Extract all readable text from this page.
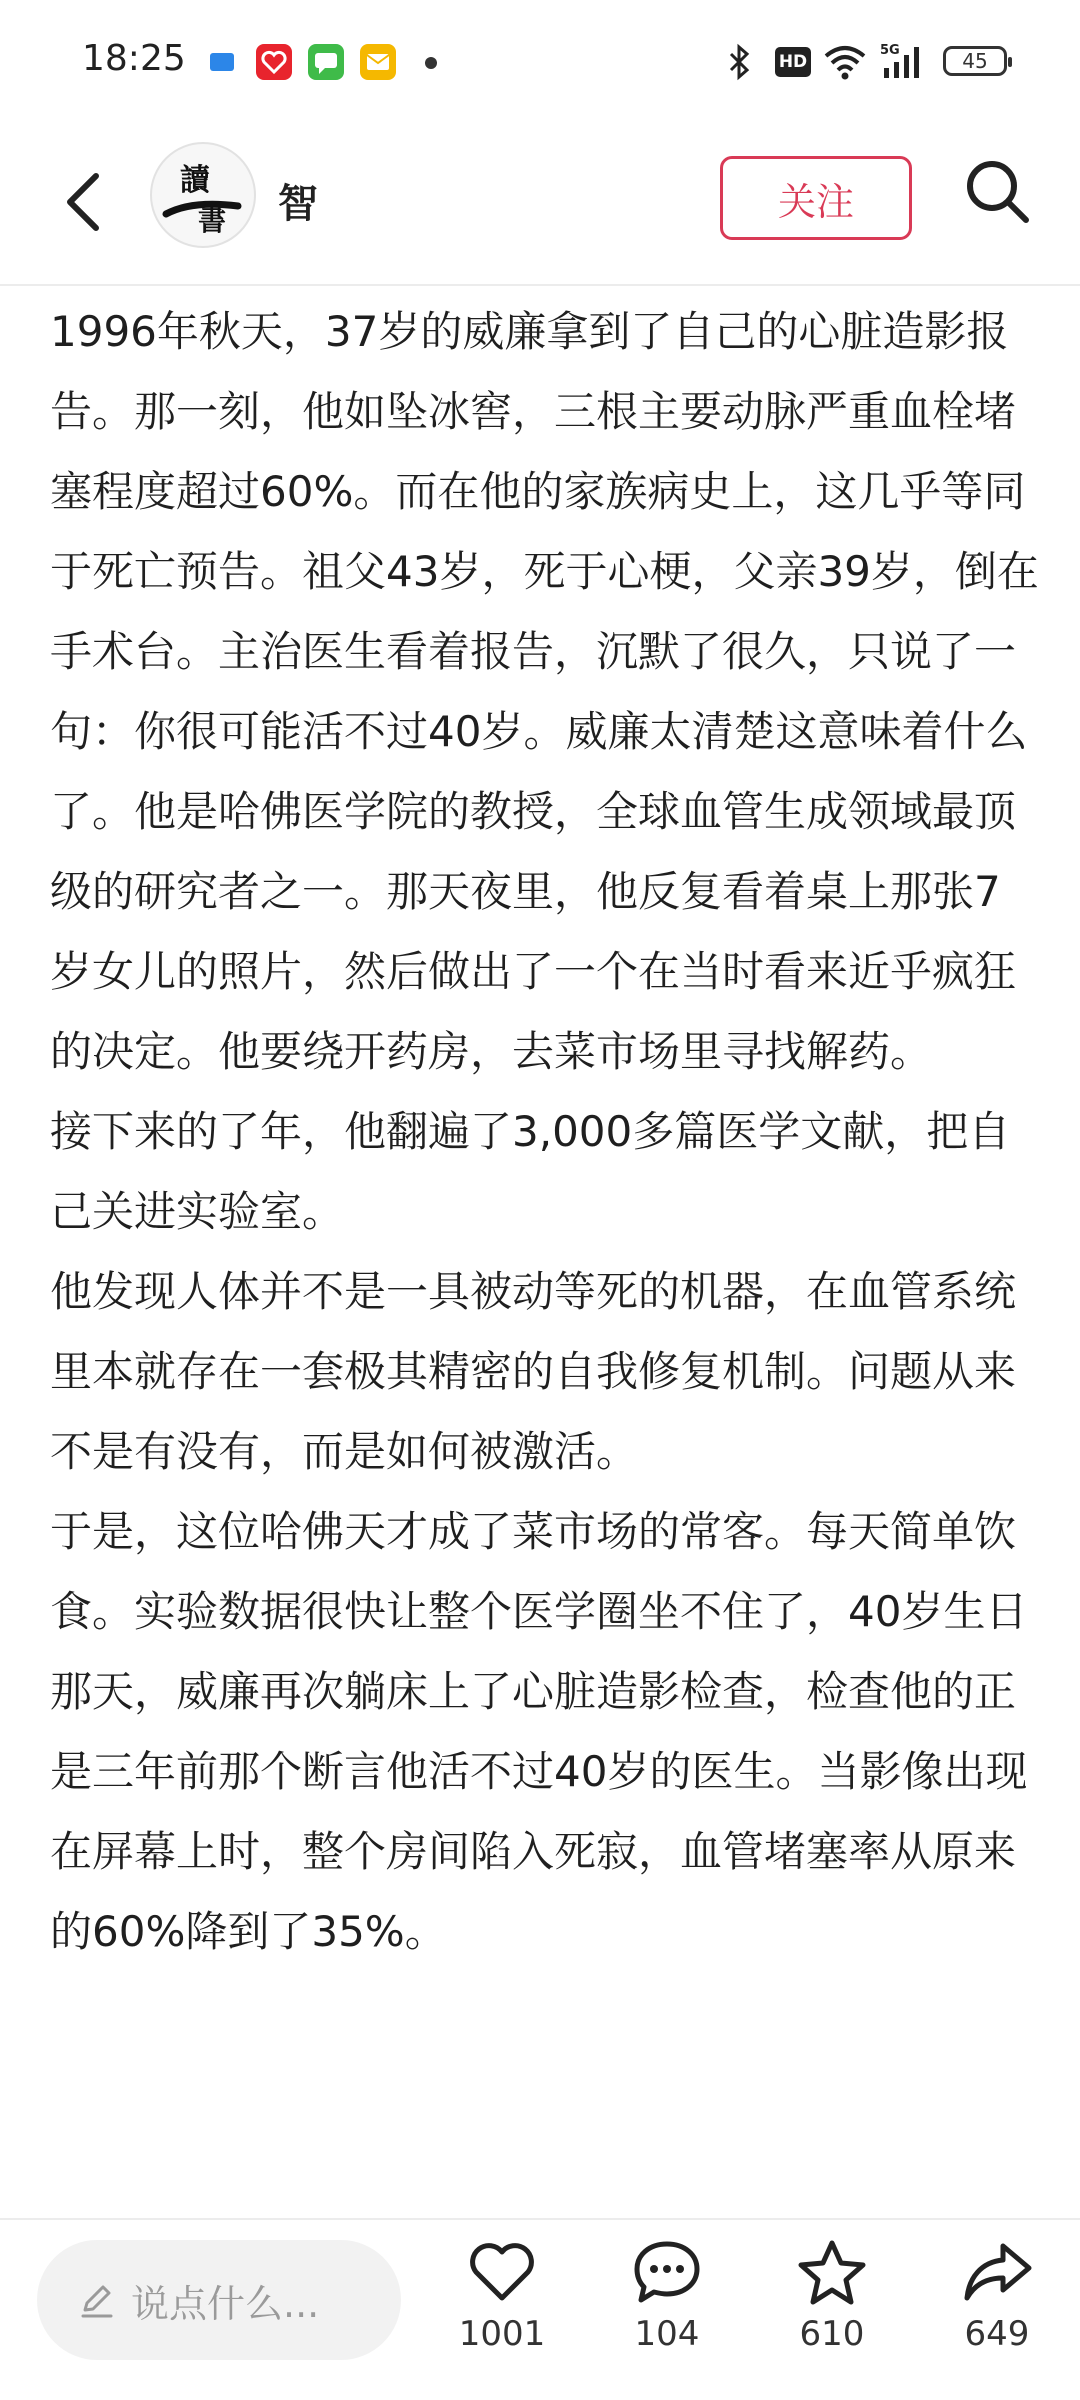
18:25	HD
5G	45
讀
書 智	关注

1996年秋天，37岁的威廉拿到了自己的心脏造影报告。那一刻，他如坠冰窖，三根主要动脉严重血栓堵塞程度超过60%。而在他的家族病史上，这几乎等同于死亡预告。祖父43岁，死于心梗，父亲39岁，倒在手术台。主治医生看着报告，沉默了很久，只说了一句：你很可能活不过40岁。威廉太清楚这意味着什么了。他是哈佛医学院的教授，全球血管生成领域最顶级的研究者之一。那天夜里，他反复看着桌上那张7岁女儿的照片，然后做出了一个在当时看来近乎疯狂的决定。他要绕开药房，去菜市场里寻找解药。

接下来的了年，他翻遍了3,000多篇医学文献，把自己关进实验室。

他发现人体并不是一具被动等死的机器，在血管系统里本就存在一套极其精密的自我修复机制。问题从来不是有没有，而是如何被激活。

于是，这位哈佛天才成了菜市场的常客。每天简单饮食。实验数据很快让整个医学圈坐不住了，40岁生日那天，威廉再次躺床上了心脏造影检查，检查他的正是三年前那个断言他活不过40岁的医生。当影像出现在屏幕上时，整个房间陷入死寂，血管堵塞率从原来的60%降到了35%。

说点什么...
1001	104	610	649
